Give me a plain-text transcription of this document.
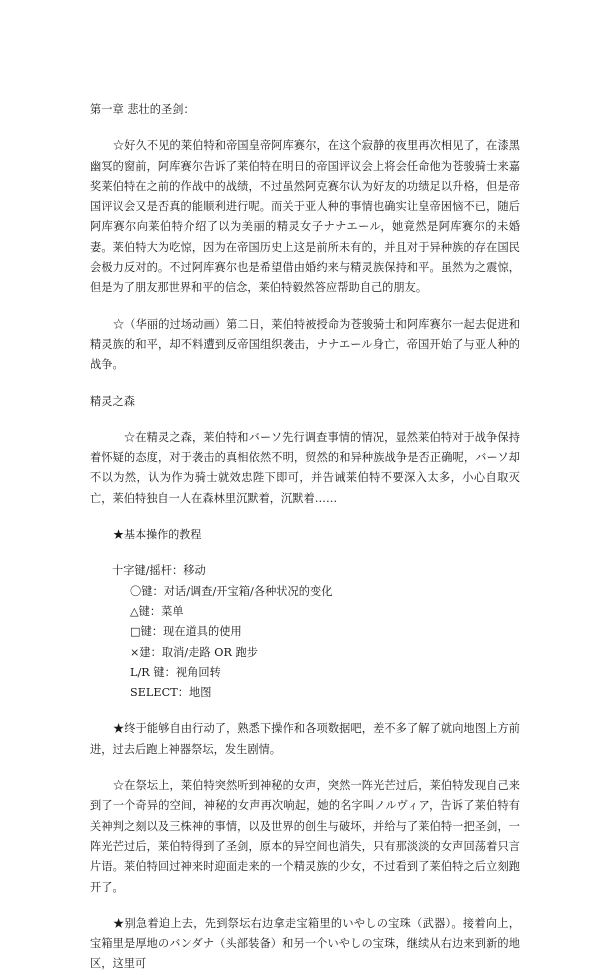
第一章 悲壮的圣剑：

☆好久不见的莱伯特和帝国皇帝阿库赛尔，在这个寂静的夜里再次相见了，在漆黑幽冥的窗前，阿库赛尔告诉了莱伯特在明日的帝国评议会上将会任命他为苍骏骑士来嘉奖莱伯特在之前的作战中的战绩，不过虽然阿克赛尔认为好友的功绩足以升格，但是帝国评议会又是否真的能顺利进行呢。而关于亚人种的事情也确实让皇帝困恼不已，随后阿库赛尔向莱伯特介绍了以为美丽的精灵女子ナナエール，她竟然是阿库赛尔的未婚妻。莱伯特大为吃惊，因为在帝国历史上这是前所未有的，并且对于异种族的存在国民会极力反对的。不过阿库赛尔也是希望借由婚约来与精灵族保持和平。虽然为之震惊，但是为了朋友那世界和平的信念，莱伯特毅然答应帮助自己的朋友。

☆（华丽的过场动画）第二日，莱伯特被授命为苍骏骑士和阿库赛尔一起去促进和精灵族的和平，却不料遭到反帝国组织袭击，ナナエール身亡，帝国开始了与亚人种的战争。

精灵之森

☆在精灵之森，莱伯特和バーソ先行调查事情的情况，显然莱伯特对于战争保持着怀疑的态度，对于袭击的真相依然不明，贸然的和异种族战争是否正确呢，バーソ却不以为然，认为作为骑士就效忠陛下即可，并告诫莱伯特不要深入太多，小心自取灭亡，莱伯特独自一人在森林里沉默着，沉默着……

★基本操作的教程

十字键/摇杆：移动

〇键：对话/调查/开宝箱/各种状况的变化

△键：菜单

□键：现在道具的使用

×建：取消/走路 OR 跑步

L/R 键：视角回转

SELECT：地图

★终于能够自由行动了，熟悉下操作和各项数据吧，差不多了解了就向地图上方前进，过去后跑上神器祭坛，发生剧情。

☆在祭坛上，莱伯特突然听到神秘的女声，突然一阵光芒过后，莱伯特发现自己来到了一个奇异的空间，神秘的女声再次响起，她的名字叫ノルヴィア，告诉了莱伯特有关神判之刻以及三株神的事情，以及世界的创生与破坏，并给与了莱伯特一把圣剑，一阵光芒过后，莱伯特得到了圣剑，原本的异空间也消失，只有那淡淡的女声回荡着只言片语。莱伯特回过神来时迎面走来的一个精灵族的少女，不过看到了莱伯特之后立刻跑开了。

★别急着迫上去，先到祭坛右边拿走宝箱里的いやしの宝珠（武器）。接着向上，宝箱里是厚地のバンダナ（头部装备）和另一个いやしの宝珠，继续从右边来到新的地区，这里可
